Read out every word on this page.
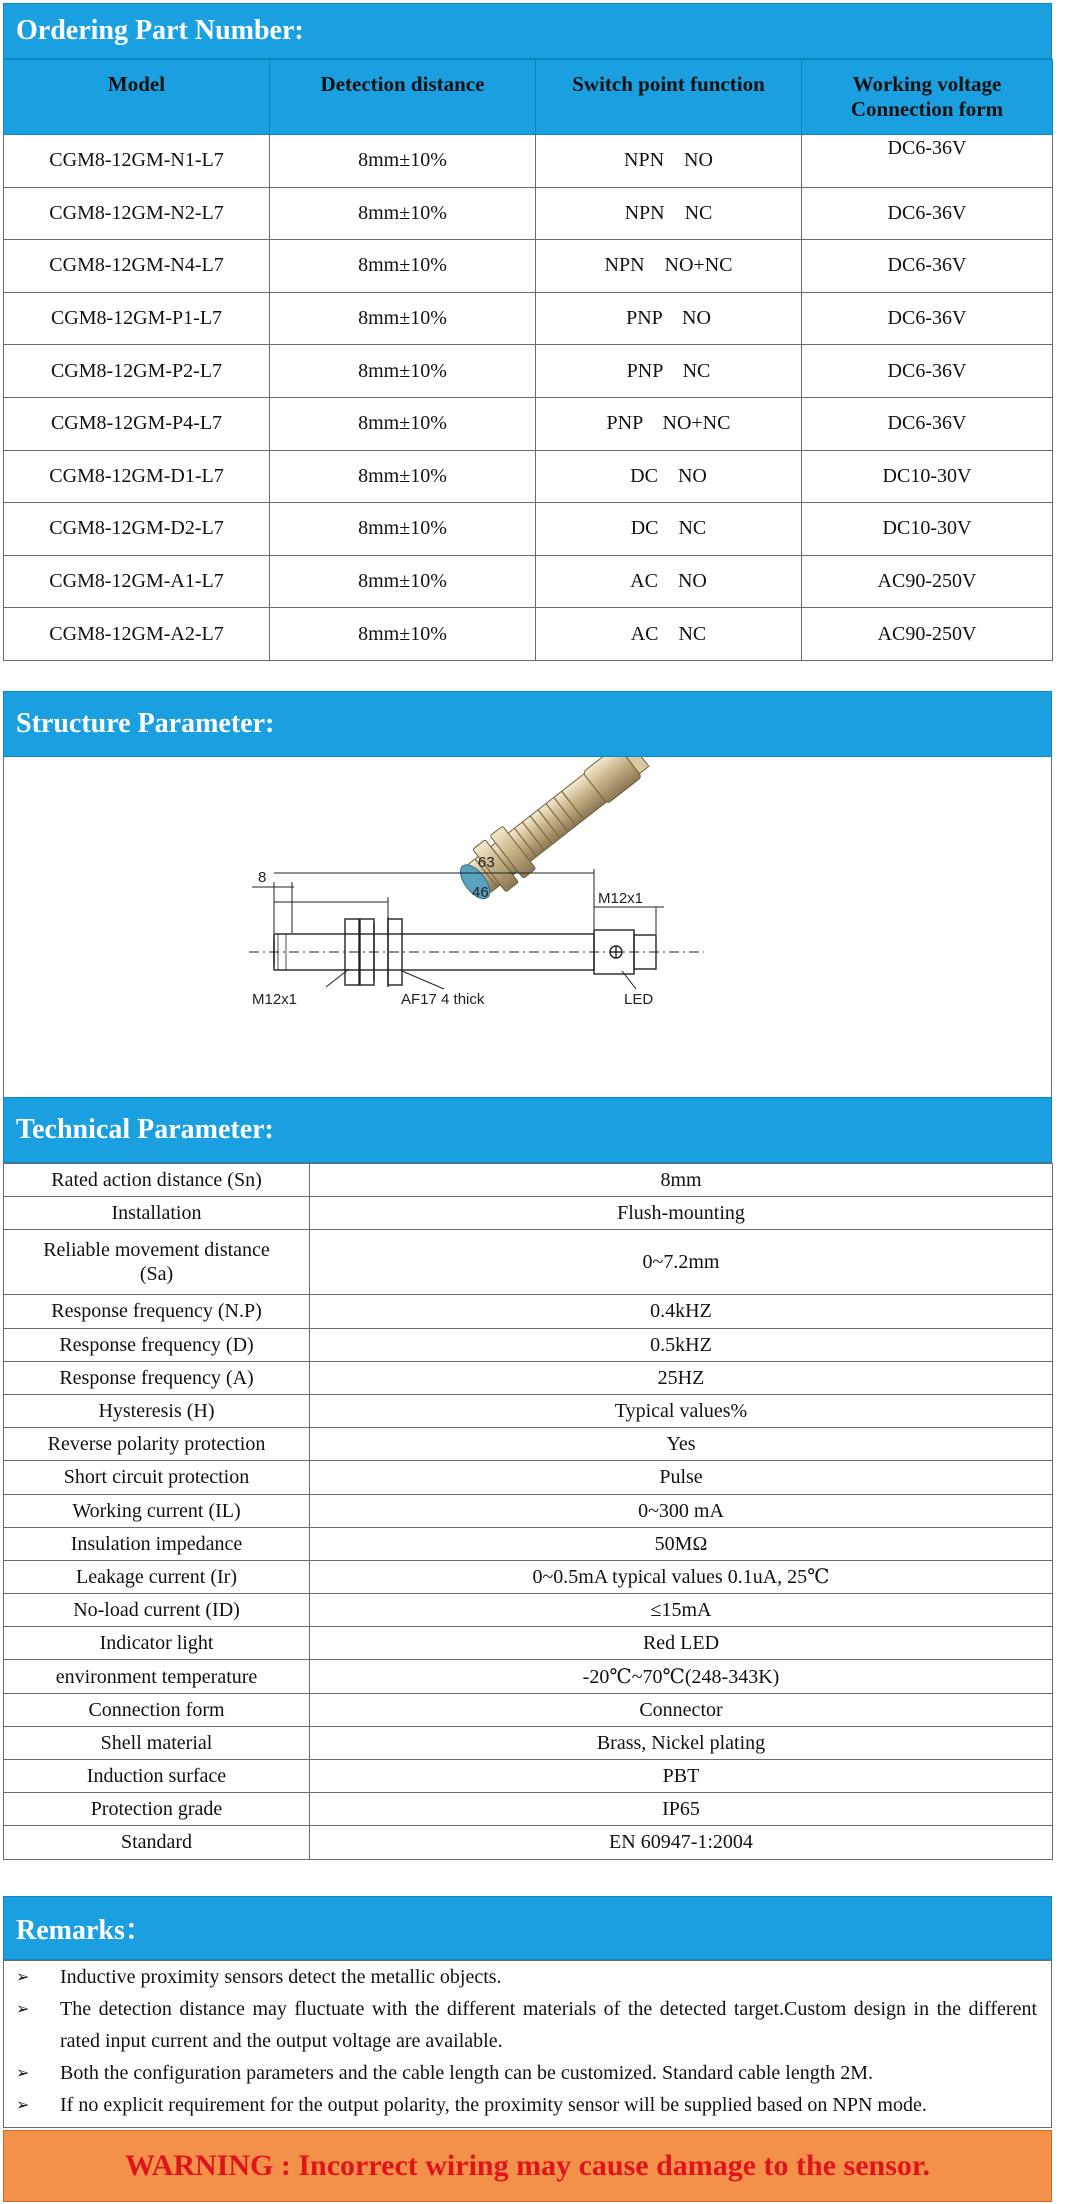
Ordering Part Number:
Model	Detection distance	Switch point function	Working voltage
Connection form
CGM8-12GM-N1-L7	8mm±10%	NPN    NO	DC6-36V
CGM8-12GM-N2-L7	8mm±10%	NPN    NC	DC6-36V
CGM8-12GM-N4-L7	8mm±10%	NPN    NO+NC	DC6-36V
CGM8-12GM-P1-L7	8mm±10%	PNP    NO	DC6-36V
CGM8-12GM-P2-L7	8mm±10%	PNP    NC	DC6-36V
CGM8-12GM-P4-L7	8mm±10%	PNP    NO+NC	DC6-36V
CGM8-12GM-D1-L7	8mm±10%	DC    NO	DC10-30V
CGM8-12GM-D2-L7	8mm±10%	DC    NC	DC10-30V
CGM8-12GM-A1-L7	8mm±10%	AC    NO	AC90-250V
CGM8-12GM-A2-L7	8mm±10%	AC    NC	AC90-250V
Structure Parameter:
8
63
46	M12x1
M12x1	AF17 4 thick	LED
Technical Parameter:
Rated action distance (Sn)	8mm
Installation	Flush-mounting
Reliable movement distance
(Sa)	0~7.2mm
Response frequency (N.P)	0.4kHZ
Response frequency (D)	0.5kHZ
Response frequency (A)	25HZ
Hysteresis (H)	Typical values%
Reverse polarity protection	Yes
Short circuit protection	Pulse
Working current (IL)	0~300 mA
Insulation impedance	50MΩ
Leakage current (Ir)	0~0.5mA typical values 0.1uA, 25℃
No-load current (ID)	≤15mA
Indicator light	Red LED
environment temperature	-20℃~70℃(248-343K)
Connection form	Connector
Shell material	Brass, Nickel plating
Induction surface	PBT
Protection grade	IP65
Standard	EN 60947-1:2004
Remarks：
➢	Inductive proximity sensors detect the metallic objects.
➢	The detection distance may fluctuate with the different materials of the detected target.Custom design in the different rated input current and the output voltage are available.
➢	Both the configuration parameters and the cable length can be customized. Standard cable length 2M.
➢	If no explicit requirement for the output polarity, the proximity sensor will be supplied based on NPN mode.
WARNING : Incorrect wiring may cause damage to the sensor.
